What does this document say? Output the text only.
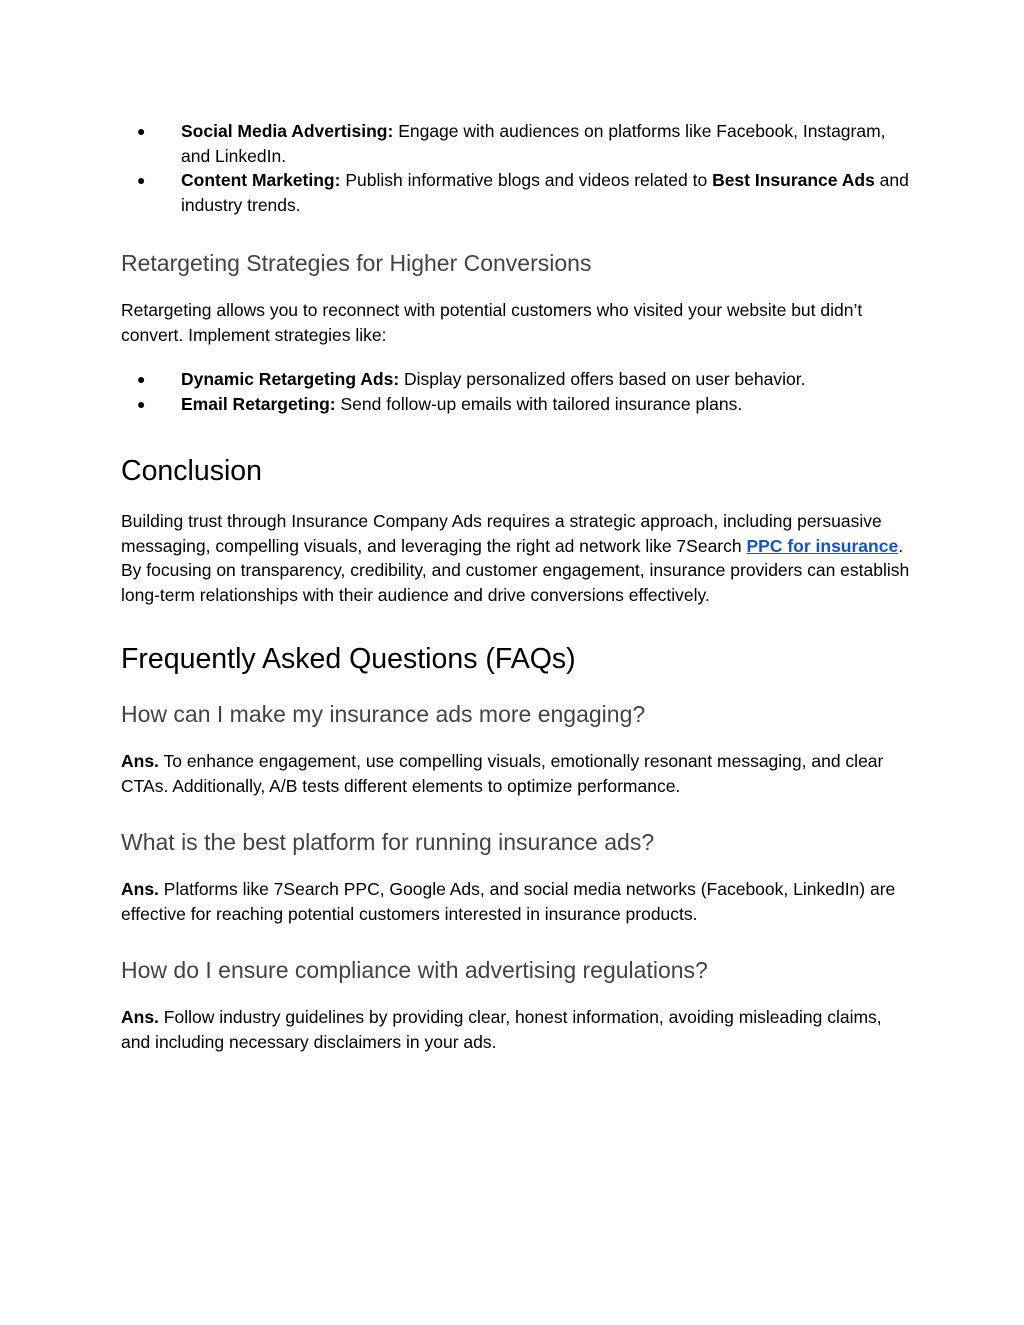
● Social Media Advertising: Engage with audiences on platforms like Facebook, Instagram, and LinkedIn.
● Content Marketing: Publish informative blogs and videos related to Best Insurance Ads and industry trends.
Retargeting Strategies for Higher Conversions

Retargeting allows you to reconnect with potential customers who visited your website but didn’t convert. Implement strategies like:

● Dynamic Retargeting Ads: Display personalized offers based on user behavior.
● Email Retargeting: Send follow-up emails with tailored insurance plans.
Conclusion

Building trust through Insurance Company Ads requires a strategic approach, including persuasive messaging, compelling visuals, and leveraging the right ad network like 7Search PPC for insurance. By focusing on transparency, credibility, and customer engagement, insurance providers can establish long-term relationships with their audience and drive conversions effectively.

Frequently Asked Questions (FAQs)
How can I make my insurance ads more engaging?

Ans. To enhance engagement, use compelling visuals, emotionally resonant messaging, and clear CTAs. Additionally, A/B tests different elements to optimize performance.

What is the best platform for running insurance ads?

Ans. Platforms like 7Search PPC, Google Ads, and social media networks (Facebook, LinkedIn) are effective for reaching potential customers interested in insurance products.

How do I ensure compliance with advertising regulations?

Ans. Follow industry guidelines by providing clear, honest information, avoiding misleading claims, and including necessary disclaimers in your ads.
